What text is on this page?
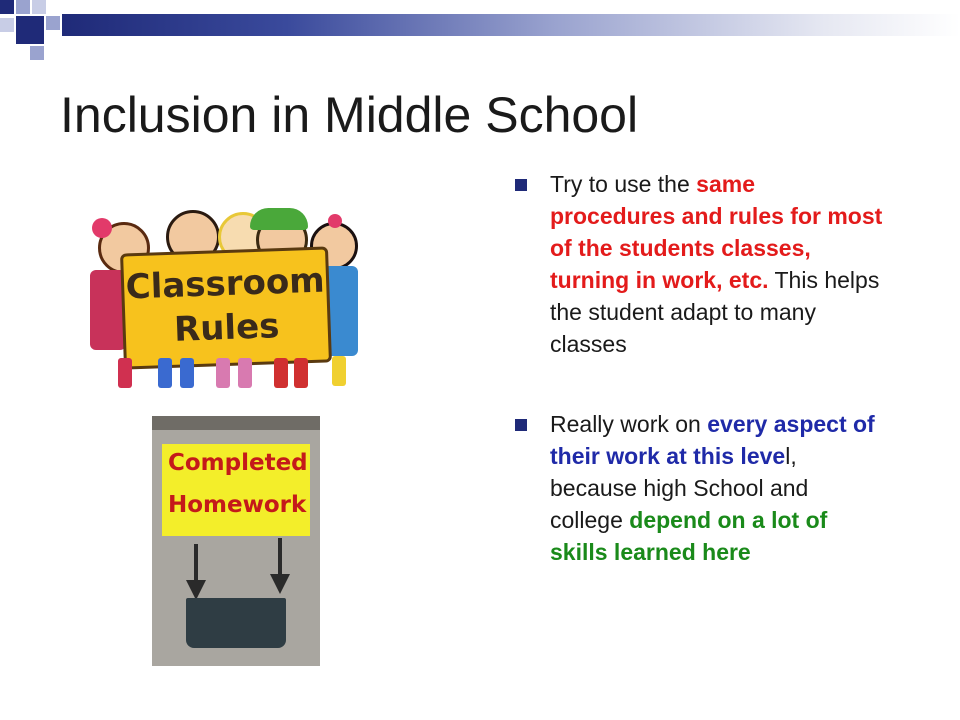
Inclusion in Middle School
Classroom
Rules
Completed
Homework
Try to use the same procedures and rules for most of the students classes, turning in work, etc. This helps the student adapt to many classes
Really work on every aspect of their work at this level, because high School and college depend on a lot of skills learned here
